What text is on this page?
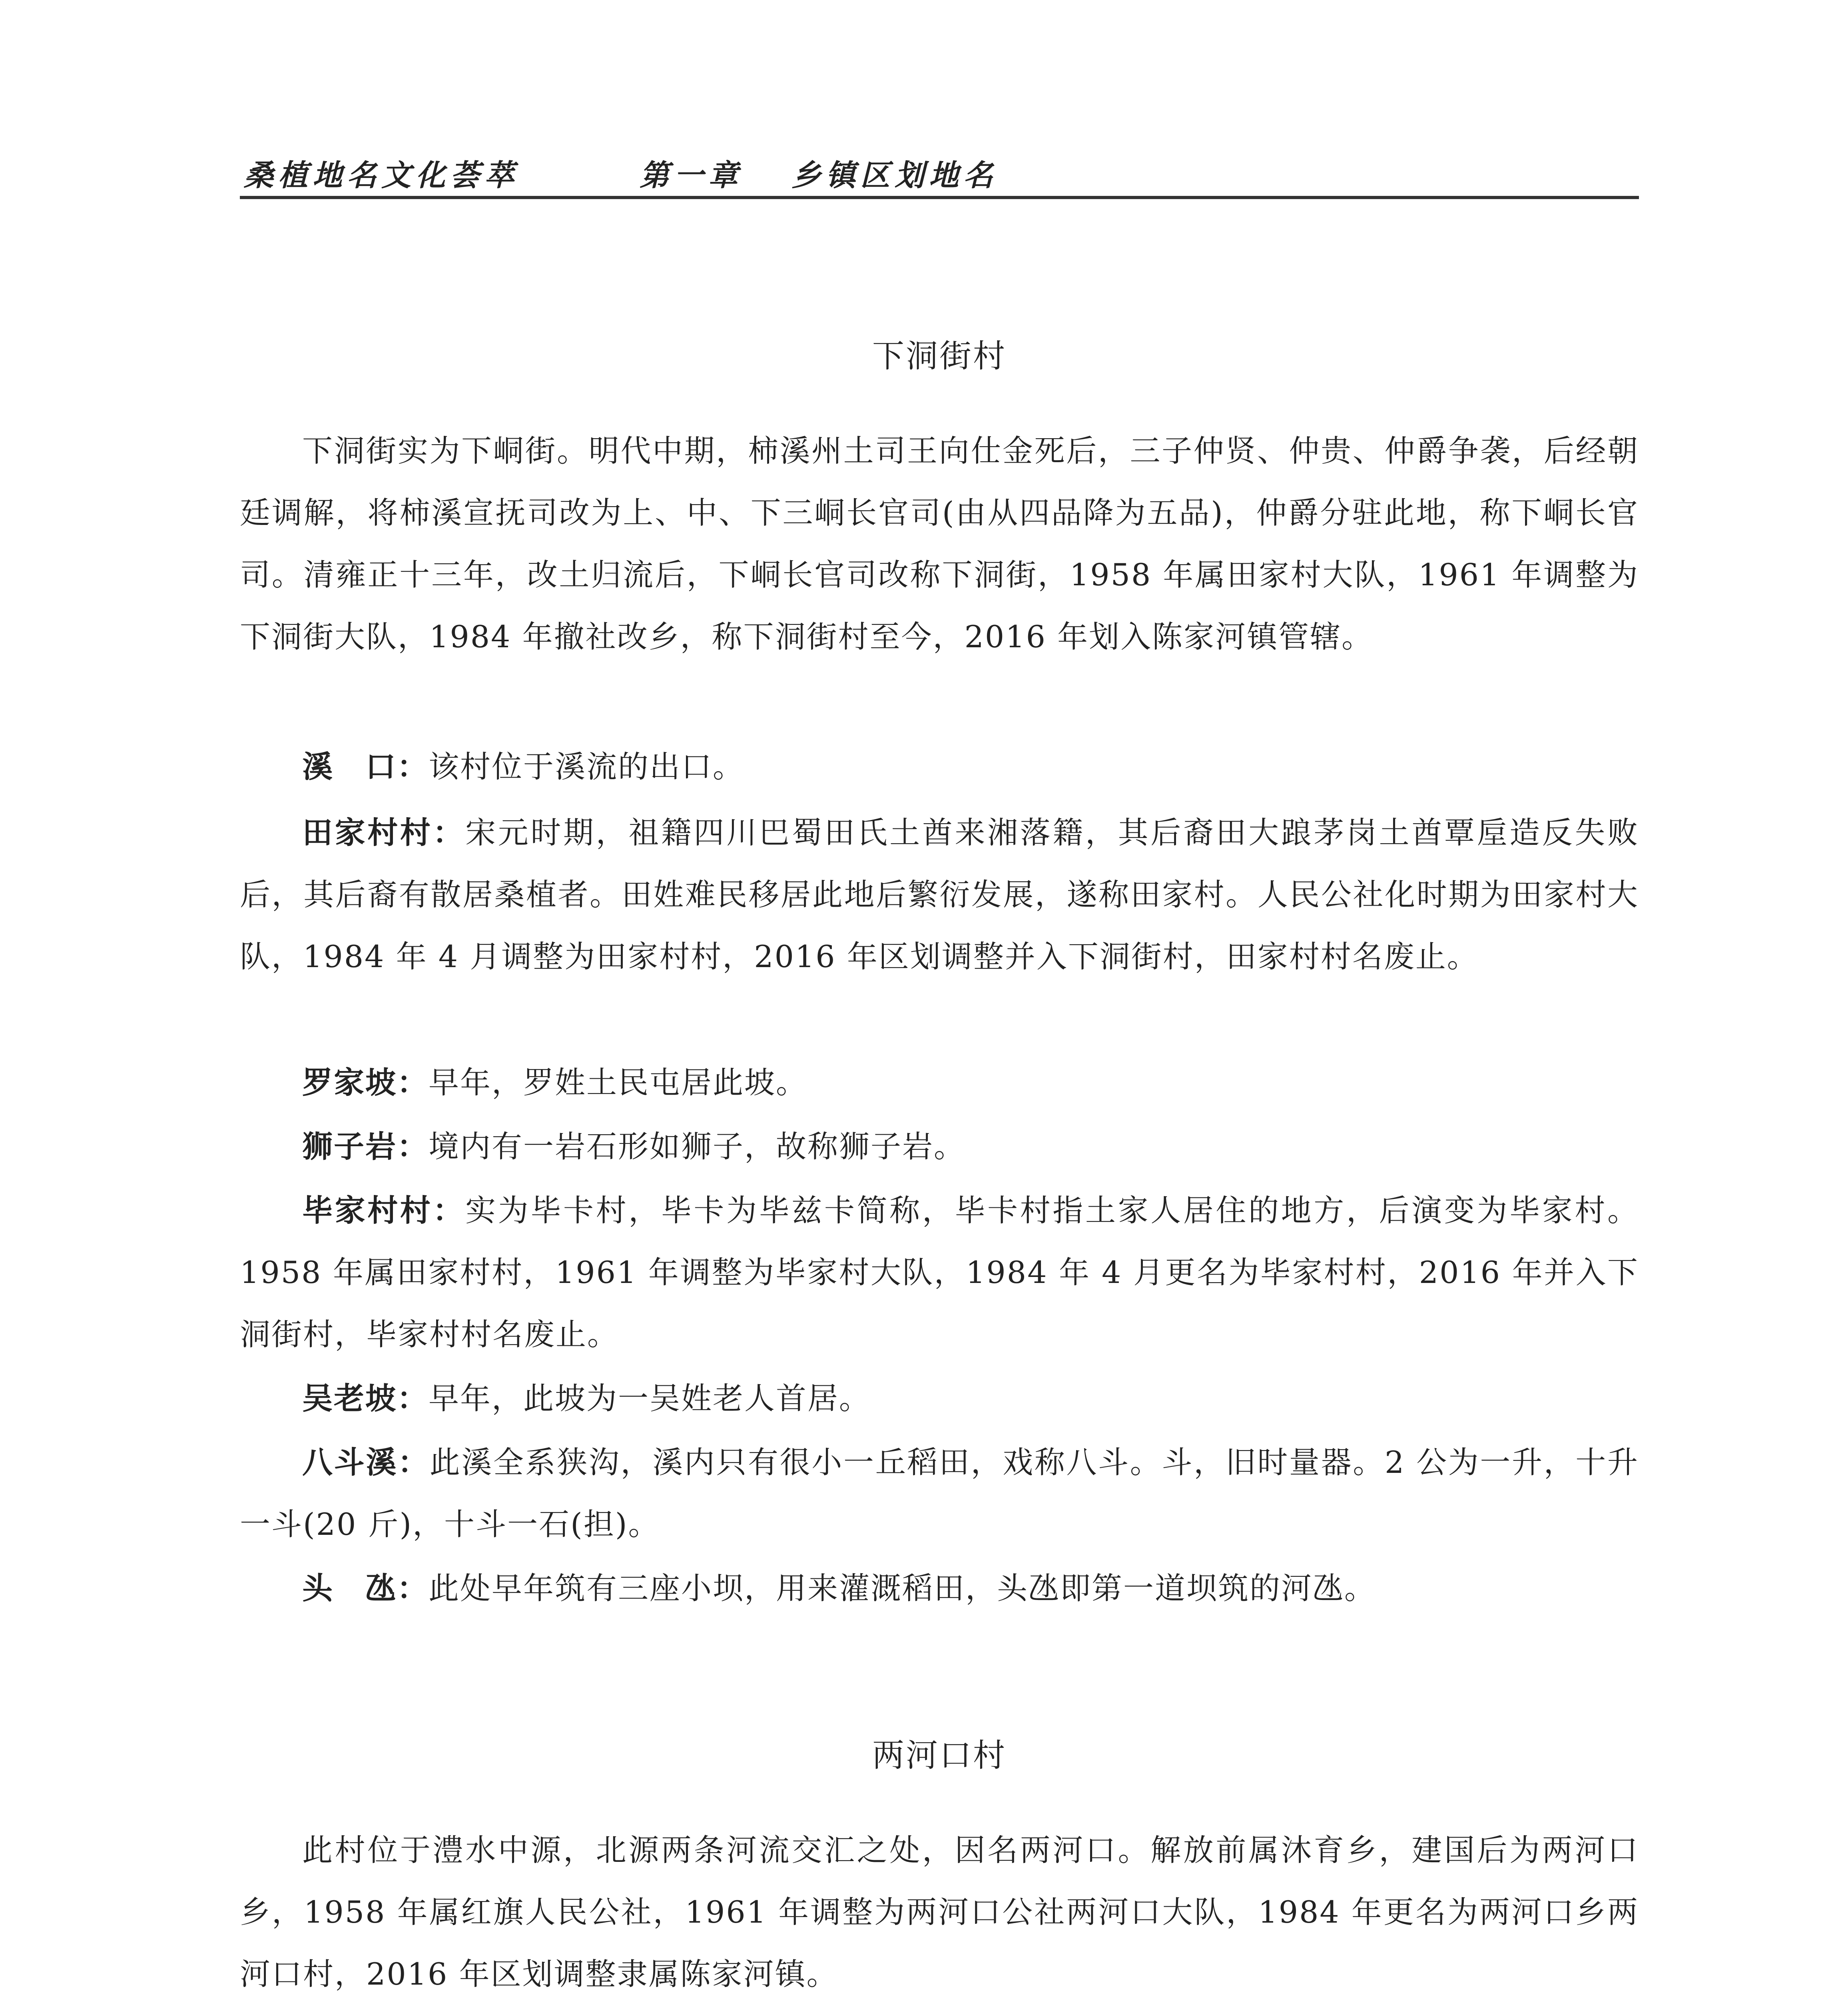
桑植地名文化荟萃	第一章 乡镇区划地名
下洞街村

下洞街实为下峒街。明代中期，柿溪州土司王向仕金死后，三子仲贤、仲贵、仲爵争袭，后经朝廷调解，将柿溪宣抚司改为上、中、下三峒长官司(由从四品降为五品)，仲爵分驻此地，称下峒长官司。清雍正十三年，改土归流后，下峒长官司改称下洞街，1958 年属田家村大队，1961 年调整为下洞街大队，1984 年撤社改乡，称下洞街村至今，2016 年划入陈家河镇管辖。

溪　口：该村位于溪流的出口。

田家村村：宋元时期，祖籍四川巴蜀田氏土酋来湘落籍，其后裔田大踉茅岗土酋覃垕造反失败后，其后裔有散居桑植者。田姓难民移居此地后繁衍发展，遂称田家村。人民公社化时期为田家村大队，1984 年 4 月调整为田家村村，2016 年区划调整并入下洞街村，田家村村名废止。

罗家坡：早年，罗姓土民屯居此坡。

狮子岩：境内有一岩石形如狮子，故称狮子岩。

毕家村村：实为毕卡村，毕卡为毕兹卡简称，毕卡村指土家人居住的地方，后演变为毕家村。1958 年属田家村村，1961 年调整为毕家村大队，1984 年 4 月更名为毕家村村，2016 年并入下洞街村，毕家村村名废止。

吴老坡：早年，此坡为一吴姓老人首居。

八斗溪：此溪全系狭沟，溪内只有很小一丘稻田，戏称八斗。斗，旧时量器。2 公为一升，十升一斗(20 斤)，十斗一石(担)。

头　氹：此处早年筑有三座小坝，用来灌溉稻田，头氹即第一道坝筑的河氹。

两河口村

此村位于澧水中源，北源两条河流交汇之处，因名两河口。解放前属沐育乡，建国后为两河口乡，1958 年属红旗人民公社，1961 年调整为两河口公社两河口大队，1984 年更名为两河口乡两河口村，2016 年区划调整隶属陈家河镇。
